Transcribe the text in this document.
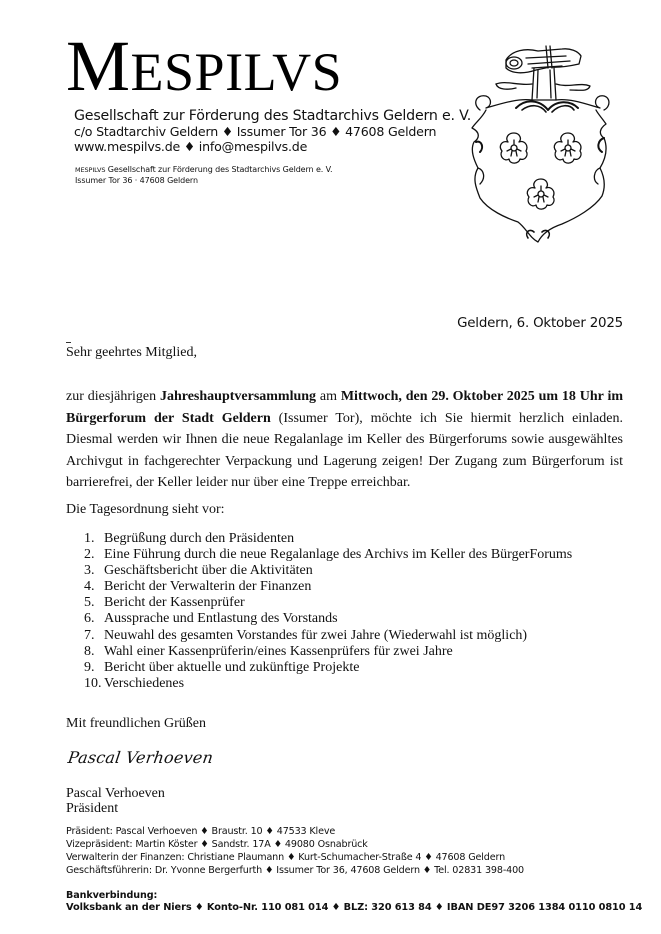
MESPILVS
Gesellschaft zur Förderung des Stadtarchivs Geldern e. V.
c/o Stadtarchiv Geldern ♦ Issumer Tor 36 ♦ 47608 Geldern
www.mespilvs.de ♦ info@mespilvs.de
MESPILVS Gesellschaft zur Förderung des Stadtarchivs Geldern e. V.
Issumer Tor 36 · 47608 Geldern
Geldern, 6. Oktober 2025
Sehr geehrtes Mitglied,
zur diesjährigen Jahreshauptversammlung am Mittwoch, den 29. Oktober 2025 um 18 Uhr im Bürgerforum der Stadt Geldern (Issumer Tor), möchte ich Sie hiermit herzlich einladen. Diesmal werden wir Ihnen die neue Regalanlage im Keller des Bürgerforums sowie ausgewähltes Archivgut in fachgerechter Verpackung und Lagerung zeigen! Der Zugang zum Bürgerforum ist barrierefrei, der Keller leider nur über eine Treppe erreichbar.
Die Tagesordnung sieht vor:
1. Begrüßung durch den Präsidenten
2. Eine Führung durch die neue Regalanlage des Archivs im Keller des BürgerForums
3. Geschäftsbericht über die Aktivitäten
4. Bericht der Verwalterin der Finanzen
5. Bericht der Kassenprüfer
6. Aussprache und Entlastung des Vorstands
7. Neuwahl des gesamten Vorstandes für zwei Jahre (Wiederwahl ist möglich)
8. Wahl einer Kassenprüferin/eines Kassenprüfers für zwei Jahre
9. Bericht über aktuelle und zukünftige Projekte
10. Verschiedenes
Mit freundlichen Grüßen
Pascal Verhoeven
Pascal Verhoeven
Präsident
Präsident: Pascal Verhoeven ♦ Braustr. 10 ♦ 47533 Kleve
Vizepräsident: Martin Köster ♦ Sandstr. 17A ♦ 49080 Osnabrück
Verwalterin der Finanzen: Christiane Plaumann ♦ Kurt-Schumacher-Straße 4 ♦ 47608 Geldern
Geschäftsführerin: Dr. Yvonne Bergerfurth ♦ Issumer Tor 36, 47608 Geldern ♦ Tel. 02831 398-400
Bankverbindung:
Volksbank an der Niers ♦ Konto-Nr. 110 081 014 ♦ BLZ: 320 613 84 ♦ IBAN DE97 3206 1384 0110 0810 14
